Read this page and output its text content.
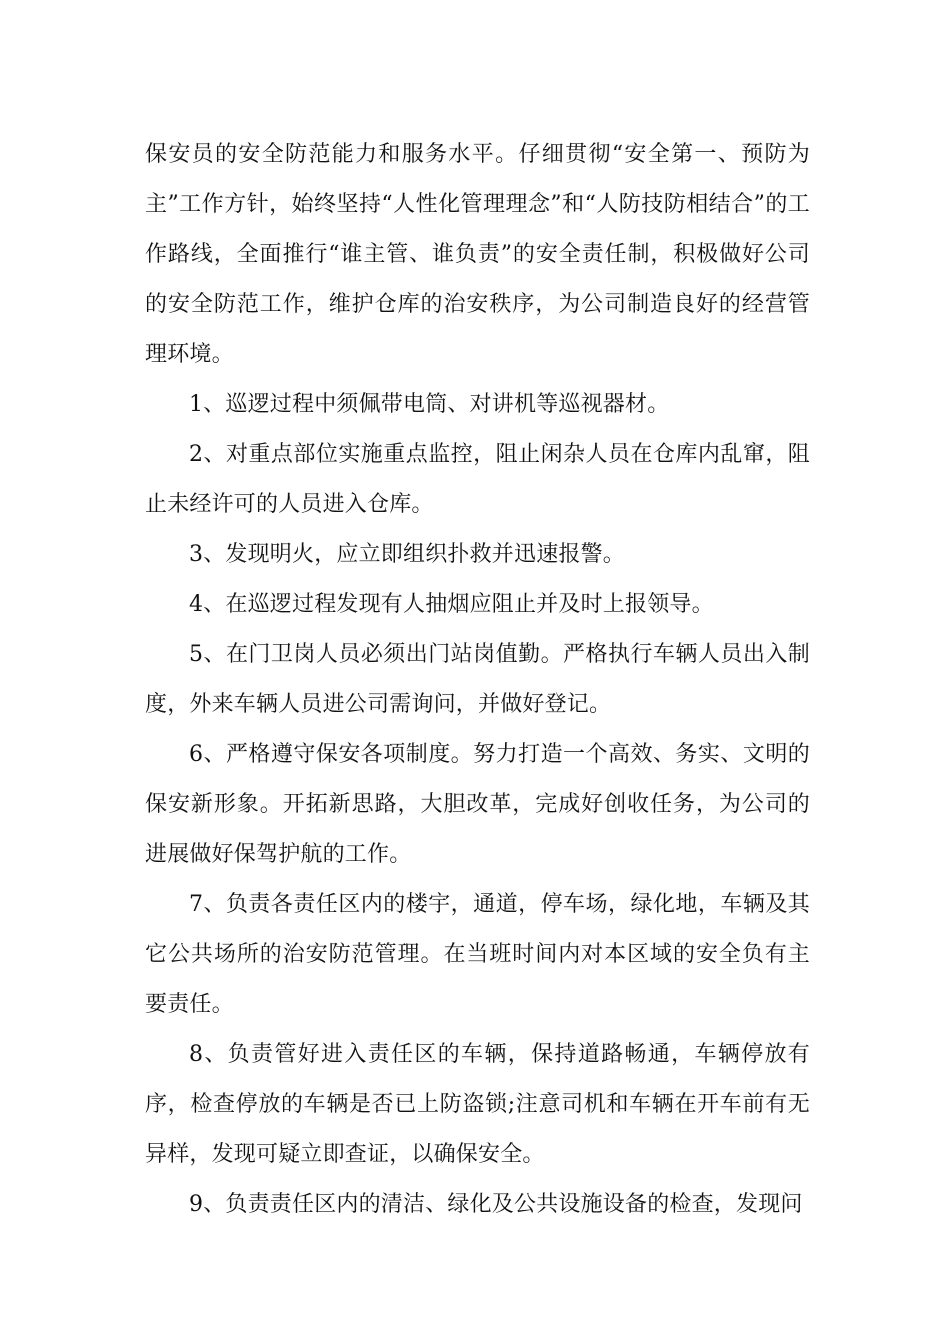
保安员的安全防范能力和服务水平。仔细贯彻“安全第一、预防为主”工作方针，始终坚持“人性化管理理念”和“人防技防相结合”的工作路线，全面推行“谁主管、谁负责”的安全责任制，积极做好公司的安全防范工作，维护仓库的治安秩序，为公司制造良好的经营管理环境。

1、巡逻过程中须佩带电筒、对讲机等巡视器材。

2、对重点部位实施重点监控，阻止闲杂人员在仓库内乱窜，阻止未经许可的人员进入仓库。

3、发现明火，应立即组织扑救并迅速报警。

4、在巡逻过程发现有人抽烟应阻止并及时上报领导。

5、在门卫岗人员必须出门站岗值勤。严格执行车辆人员出入制度，外来车辆人员进公司需询问，并做好登记。

6、严格遵守保安各项制度。努力打造一个高效、务实、文明的保安新形象。开拓新思路，大胆改革，完成好创收任务，为公司的进展做好保驾护航的工作。

7、负责各责任区内的楼宇，通道，停车场，绿化地，车辆及其它公共场所的治安防范管理。在当班时间内对本区域的安全负有主要责任。

8、负责管好进入责任区的车辆，保持道路畅通，车辆停放有序，检查停放的车辆是否已上防盗锁;注意司机和车辆在开车前有无异样，发现可疑立即查证，以确保安全。

9、负责责任区内的清洁、绿化及公共设施设备的检查，发现问
